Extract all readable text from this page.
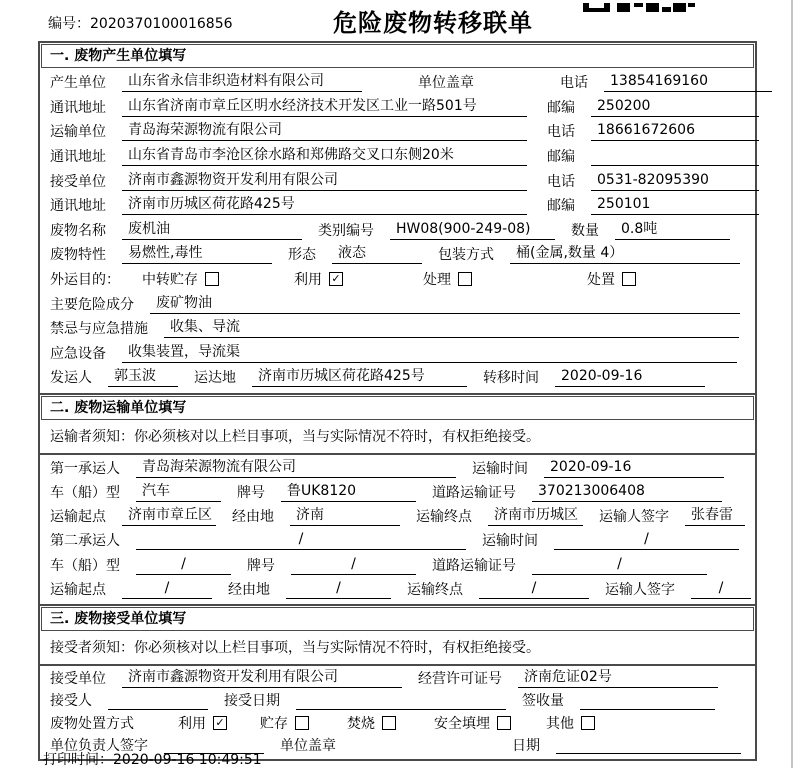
编号：2020370100016856	危险废物转移联单
一. 废物产生单位填写
产生单位	山东省永信非织造材料有限公司	单位盖章	电话	13854169160
通讯地址	山东省济南市章丘区明水经济技术开发区工业一路501号	邮编	250200
运输单位	青岛海荣源物流有限公司	电话	18661672606
通讯地址	山东省青岛市李沧区徐水路和郑佛路交叉口东侧20米	邮编
接受单位	济南市鑫源物资开发利用有限公司	电话	0531-82095390
通讯地址	济南市历城区荷花路425号	邮编	250101
废物名称	废机油	类别编号	HW08(900-249-08)	数量	0.8吨
废物特性	易燃性,毒性	形态	液态	包装方式	桶(金属,数量 4）
外运目的： 中转贮存	利用 ✓	处理	处置
主要危险成分	废矿物油
禁忌与应急措施	收集、导流
应急设备	收集装置，导流渠
发运人	郭玉波	运达地	济南市历城区荷花路425号	转移时间	2020-09-16
二. 废物运输单位填写
运输者须知：你必须核对以上栏目事项，当与实际情况不符时，有权拒绝接受。
第一承运人	青岛海荣源物流有限公司	运输时间	2020-09-16
车（船）型	汽车	牌号	鲁UK8120	道路运输证号	370213006408
运输起点	济南市章丘区 经由地	济南	运输终点	济南市历城区	运输人签字	张春雷
第二承运人	/	运输时间	/
车（船）型	/	牌号	/	道路运输证号	/
运输起点	/	经由地	/	运输终点	/	运输人签字	/
三. 废物接受单位填写
接受者须知：你必须核对以上栏目事项，当与实际情况不符时，有权拒绝接受。
接受单位	济南市鑫源物资开发利用有限公司	经营许可证号	济南危证02号
接受人	接受日期	签收量
废物处置方式	利用 ✓	贮存	焚烧	安全填埋	其他
单位负责人签字	单位盖章	日期
打印时间：2020-09-16 10:49:51
